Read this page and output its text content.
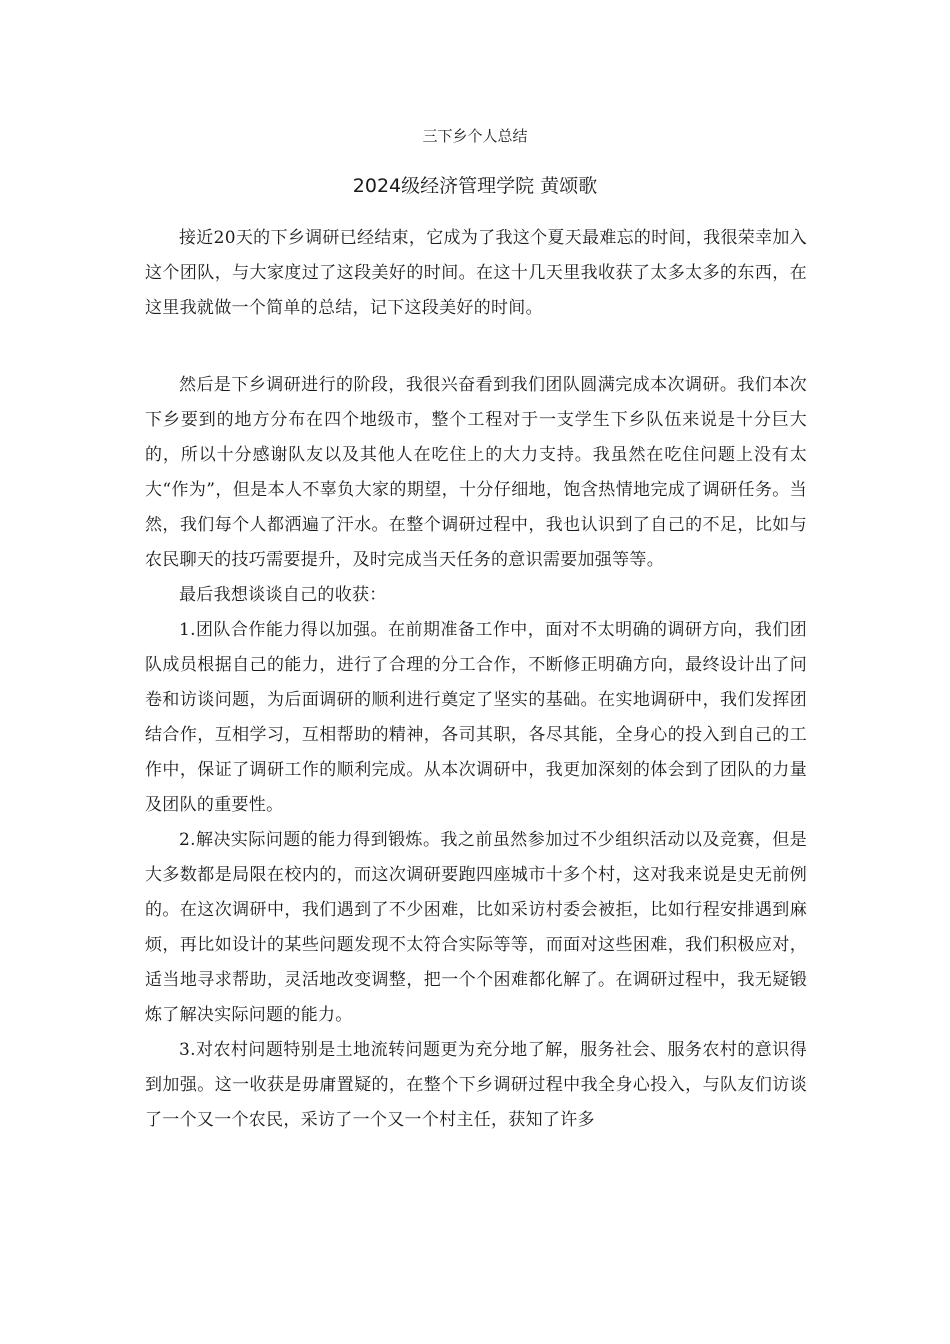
三下乡个人总结
2024级经济管理学院 黄颂歌

接近20天的下乡调研已经结束，它成为了我这个夏天最难忘的时间，我很荣幸加入这个团队，与大家度过了这段美好的时间。在这十几天里我收获了太多太多的东西，在这里我就做一个简单的总结，记下这段美好的时间。

然后是下乡调研进行的阶段，我很兴奋看到我们团队圆满完成本次调研。我们本次下乡要到的地方分布在四个地级市，整个工程对于一支学生下乡队伍来说是十分巨大的，所以十分感谢队友以及其他人在吃住上的大力支持。我虽然在吃住问题上没有太大“作为”，但是本人不辜负大家的期望，十分仔细地，饱含热情地完成了调研任务。当然，我们每个人都洒遍了汗水。在整个调研过程中，我也认识到了自己的不足，比如与农民聊天的技巧需要提升，及时完成当天任务的意识需要加强等等。

最后我想谈谈自己的收获：

1.团队合作能力得以加强。在前期准备工作中，面对不太明确的调研方向，我们团队成员根据自己的能力，进行了合理的分工合作，不断修正明确方向，最终设计出了问卷和访谈问题，为后面调研的顺利进行奠定了坚实的基础。在实地调研中，我们发挥团结合作，互相学习，互相帮助的精神，各司其职，各尽其能，全身心的投入到自己的工作中，保证了调研工作的顺利完成。从本次调研中，我更加深刻的体会到了团队的力量及团队的重要性。

2.解决实际问题的能力得到锻炼。我之前虽然参加过不少组织活动以及竞赛，但是大多数都是局限在校内的，而这次调研要跑四座城市十多个村，这对我来说是史无前例的。在这次调研中，我们遇到了不少困难，比如采访村委会被拒，比如行程安排遇到麻烦，再比如设计的某些问题发现不太符合实际等等，而面对这些困难，我们积极应对，适当地寻求帮助，灵活地改变调整，把一个个困难都化解了。在调研过程中，我无疑锻炼了解决实际问题的能力。

3.对农村问题特别是土地流转问题更为充分地了解，服务社会、服务农村的意识得到加强。这一收获是毋庸置疑的，在整个下乡调研过程中我全身心投入，与队友们访谈了一个又一个农民，采访了一个又一个村主任，获知了许多
